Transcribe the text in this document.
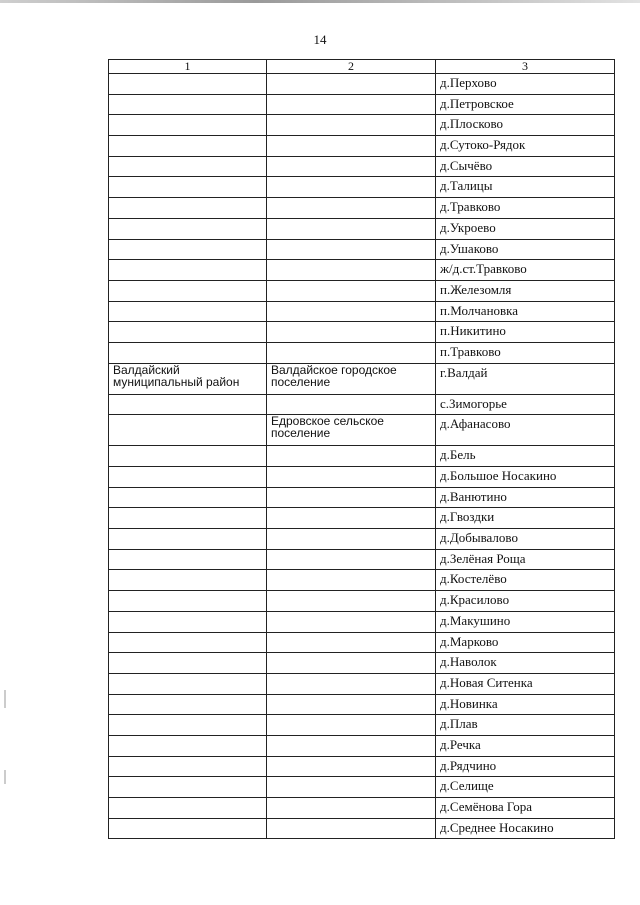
14
1	2	3
		д.Перхово
		д.Петровское
		д.Плосково
		д.Сутоко-Рядок
		д.Сычёво
		д.Талицы
		д.Травково
		д.Укроево
		д.Ушаково
		ж/д.ст.Травково
		п.Железомля
		п.Молчановка
		п.Никитино
		п.Травково
Валдайский муниципальный район	Валдайское городское поселение	г.Валдай
		с.Зимогорье
	Едровское сельское поселение	д.Афанасово
		д.Бель
		д.Большое Носакино
		д.Ванютино
		д.Гвоздки
		д.Добывалово
		д.Зелёная Роща
		д.Костелёво
		д.Красилово
		д.Макушино
		д.Марково
		д.Наволок
		д.Новая Ситенка
		д.Новинка
		д.Плав
		д.Речка
		д.Рядчино
		д.Селище
		д.Семёнова Гора
		д.Среднее Носакино
